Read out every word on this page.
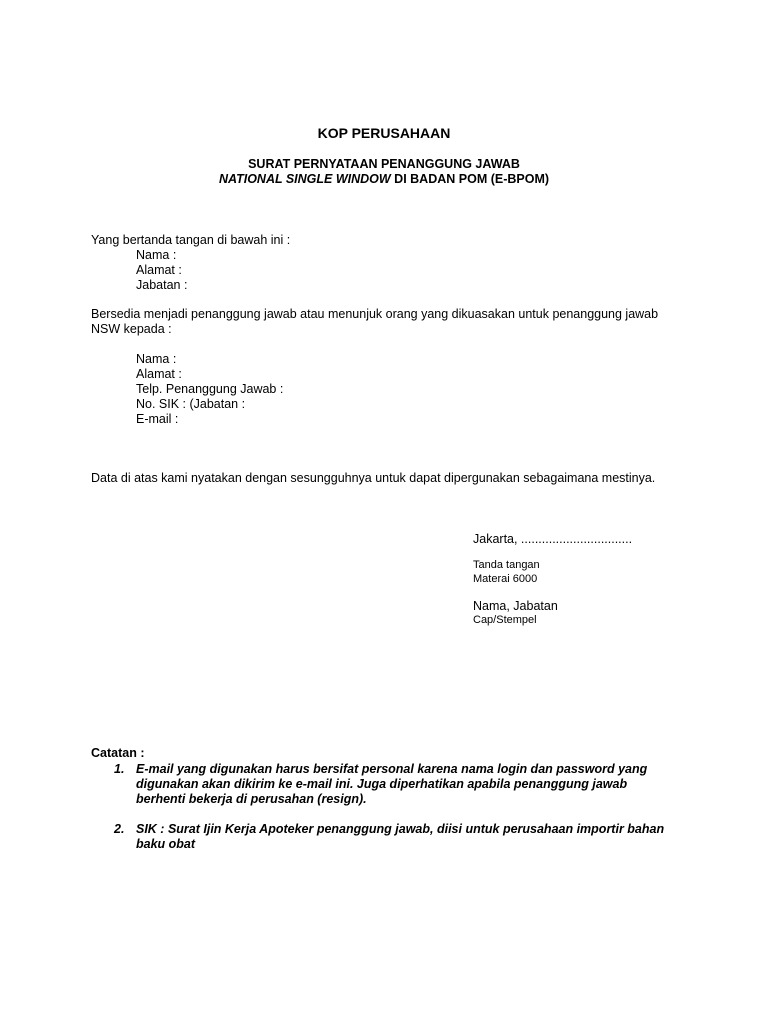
KOP PERUSAHAAN
SURAT PERNYATAAN PENANGGUNG JAWAB
NATIONAL SINGLE WINDOW DI BADAN POM (E-BPOM)
Yang bertanda tangan di bawah ini :
Nama :
Alamat :
Jabatan :
Bersedia menjadi penanggung jawab atau menunjuk orang yang dikuasakan untuk penanggung jawab
NSW kepada :
Nama :
Alamat :
Telp. Penanggung Jawab :
No. SIK : (Jabatan :
E-mail :
Data di atas kami nyatakan dengan sesungguhnya untuk dapat dipergunakan sebagaimana mestinya.
Jakarta, ................................
Tanda tangan
Materai 6000
Nama, Jabatan
Cap/Stempel
Catatan :
1. E-mail yang digunakan harus bersifat personal karena nama login dan password yang
digunakan akan dikirim ke e-mail ini. Juga diperhatikan apabila penanggung jawab
berhenti bekerja di perusahan (resign).
2. SIK : Surat Ijin Kerja Apoteker penanggung jawab, diisi untuk perusahaan importir bahan
baku obat
